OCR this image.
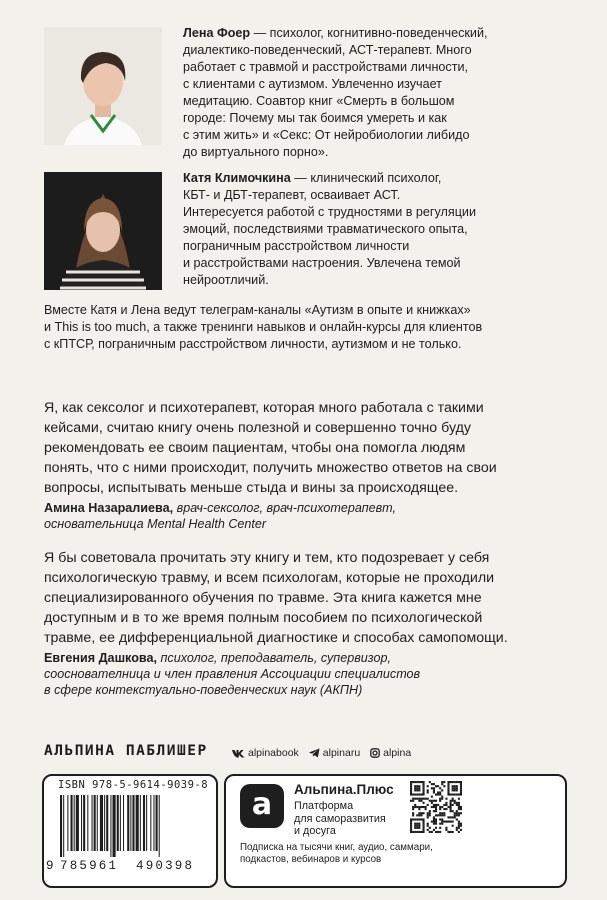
Лена Фоер — психолог, когнитивно-поведенческий,
диалектико-поведенческий, АСТ-терапевт. Много
работает с травмой и расстройствами личности,
с клиентами с аутизмом. Увлеченно изучает
медитацию. Соавтор книг «Смерть в большом
городе: Почему мы так боимся умереть и как
с этим жить» и «Секс: От нейробиологии либидо
до виртуального порно».
Катя Климочкина — клинический психолог,
КБТ- и ДБТ-терапевт, осваивает АСТ.
Интересуется работой с трудностями в регуляции
эмоций, последствиями травматического опыта,
пограничным расстройством личности
и расстройствами настроения. Увлечена темой
нейроотличий.
Вместе Катя и Лена ведут телеграм-каналы «Аутизм в опыте и книжках»
и This is too much, а также тренинги навыков и онлайн-курсы для клиентов
с кПТСР, пограничным расстройством личности, аутизмом и не только.
Я, как сексолог и психотерапевт, которая много работала с такими
кейсами, считаю книгу очень полезной и совершенно точно буду
рекомендовать ее своим пациентам, чтобы она помогла людям
понять, что с ними происходит, получить множество ответов на свои
вопросы, испытывать меньше стыда и вины за происходящее.
Амина Назаралиева, врач-сексолог, врач-психотерапевт,
основательница Mental Health Center
Я бы советовала прочитать эту книгу и тем, кто подозревает у себя
психологическую травму, и всем психологам, которые не проходили
специализированного обучения по травме. Эта книга кажется мне
доступным и в то же время полным пособием по психологической
травме, ее дифференциальной диагностике и способах самопомощи.
Евгения Дашкова, психолог, преподаватель, супервизор,
сооснователница и член правления Ассоциации специалистов
в сфере контекстуально-поведенческих наук (АКПН)
АЛЬПИНА ПАБЛИШЕР	alpinabook alpinaru alpina
ISBN 978-5-9614-9039-8
9 785961	490398
a	Альпина.Плюс
Платформа
для саморазвития
и досуга
Подписка на тысячи книг, аудио, саммари,
подкастов, вебинаров и курсов
